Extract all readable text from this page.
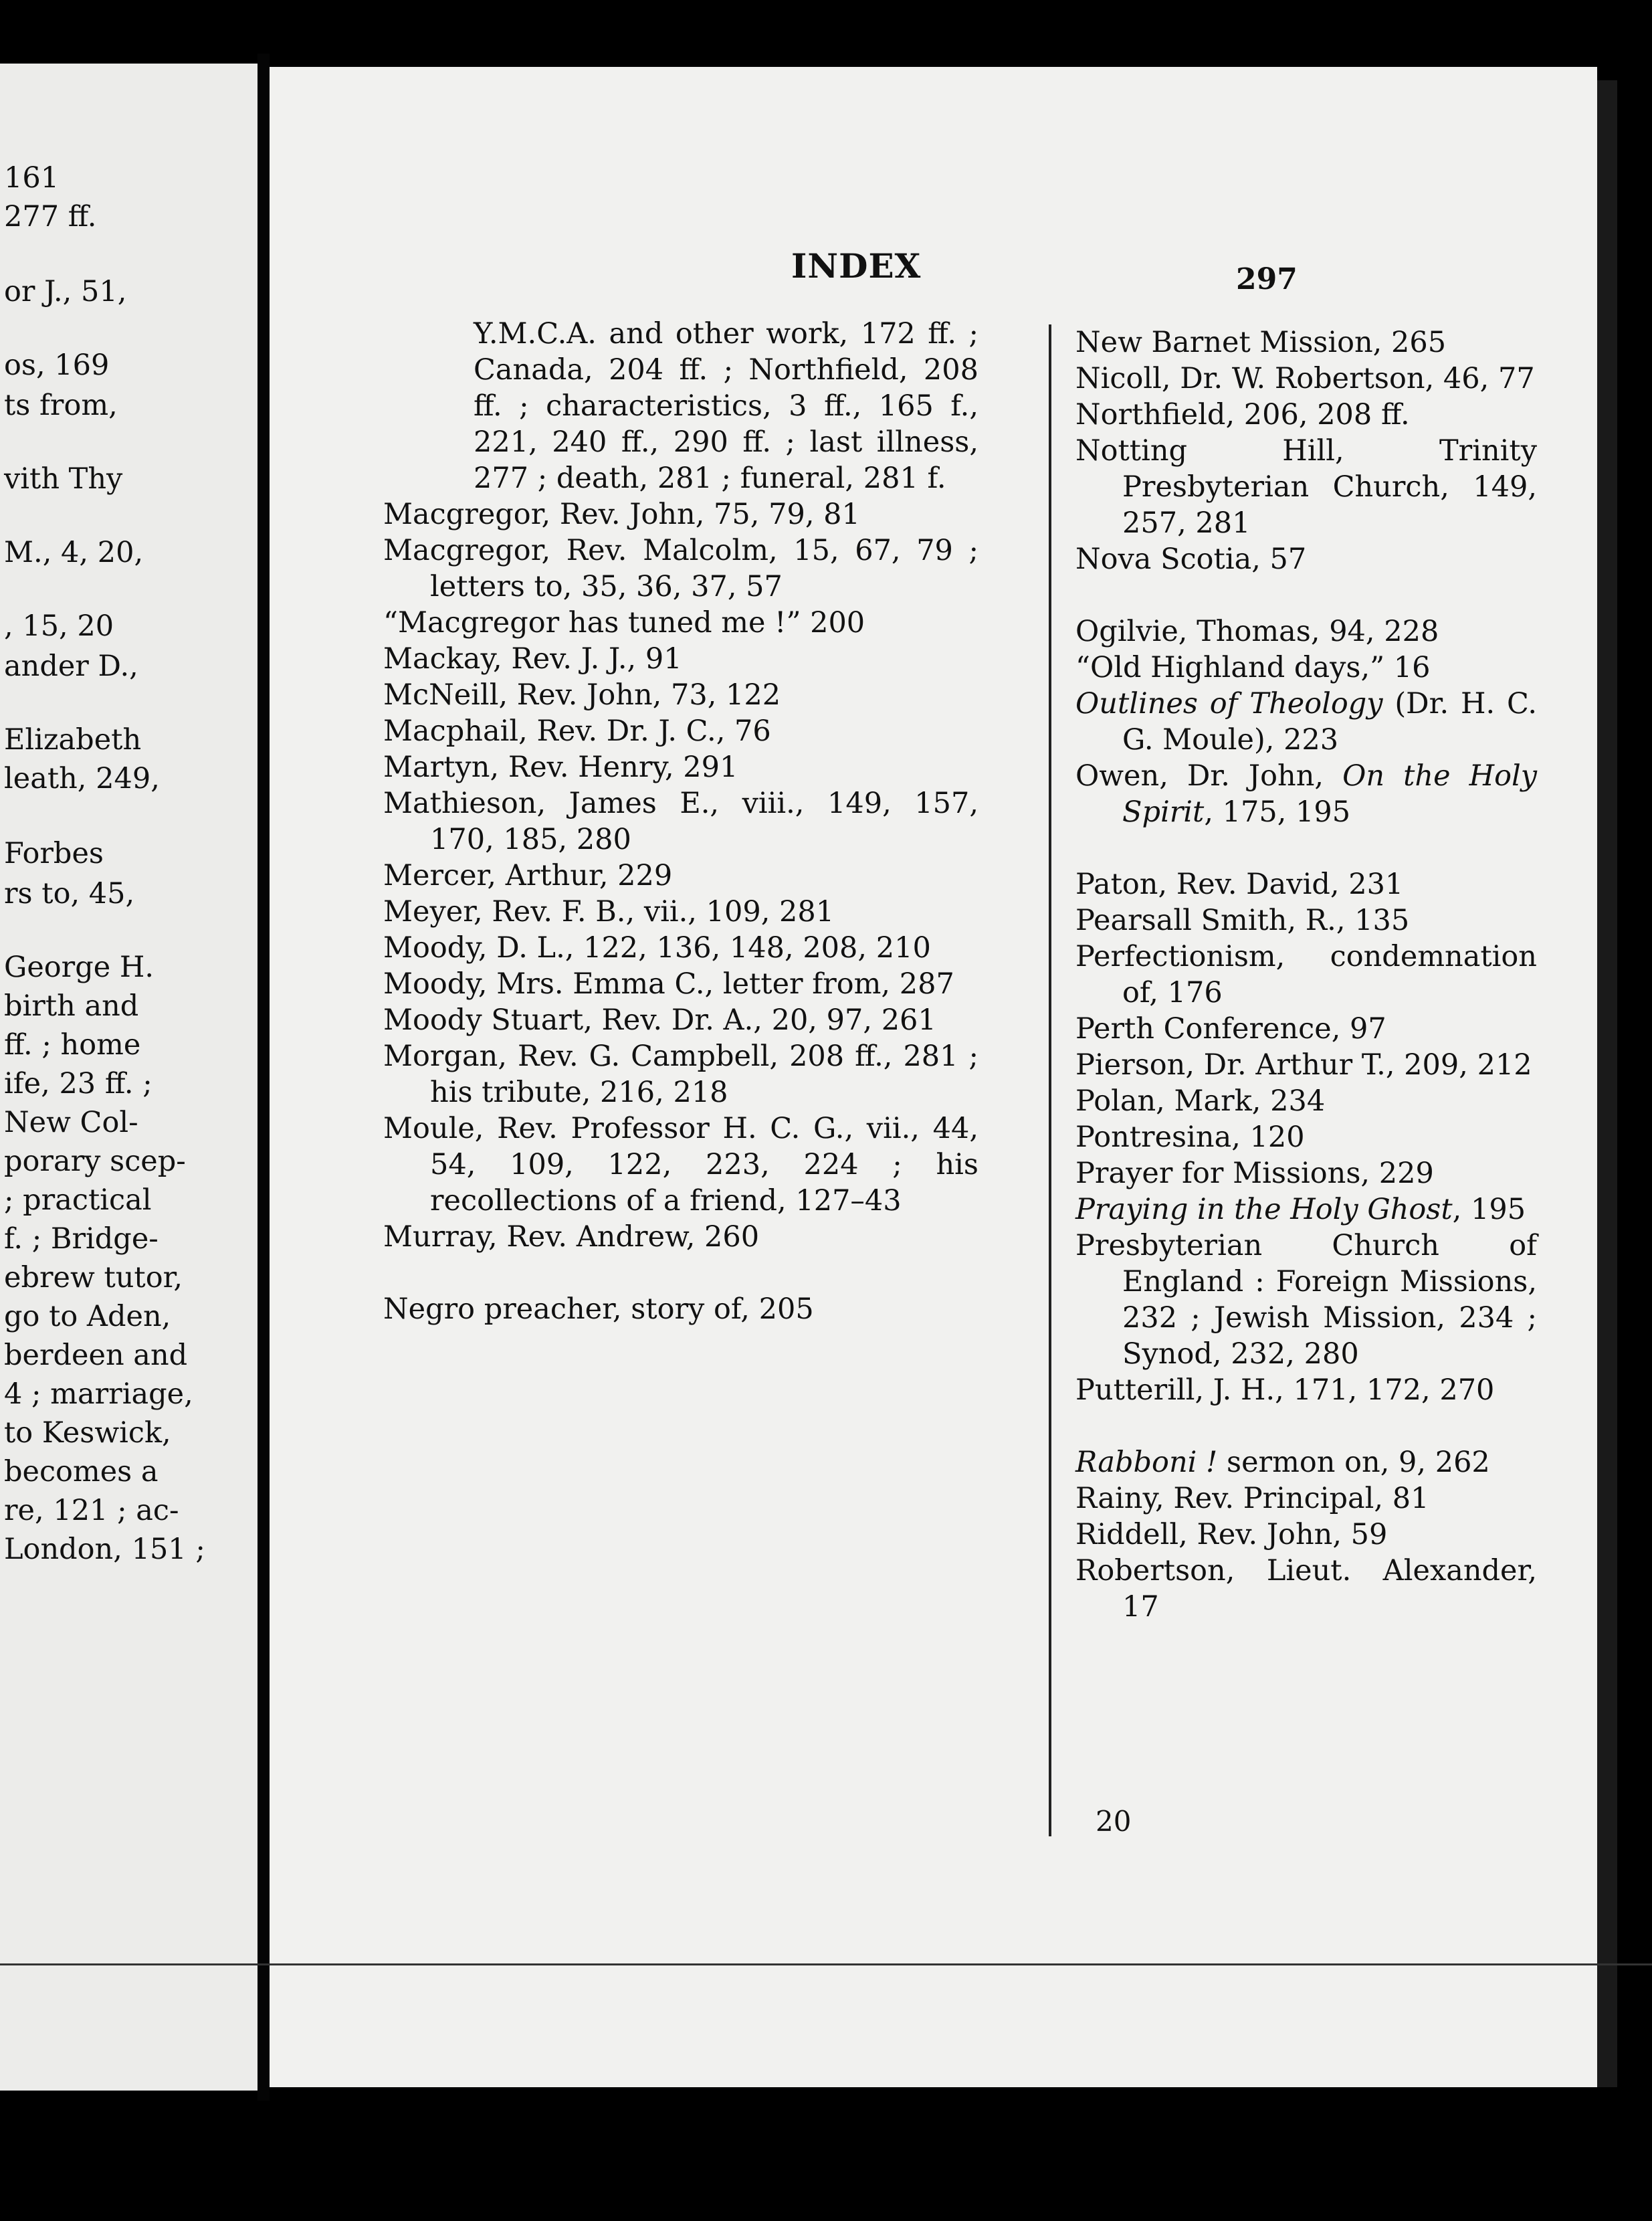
161
277 ff.
or J., 51,
os, 169
ts from,
vith Thy
M., 4, 20,
, 15, 20
ander D.,
Elizabeth
leath, 249,
Forbes
rs to, 45,
George H.
birth and
ff. ; home
ife, 23 ff. ;
New Col-
porary scep-
; practical
f. ; Bridge-
ebrew tutor,
go to Aden,
berdeen and
4 ; marriage,
to Keswick,
becomes a
re, 121 ; ac-
London, 151 ;
INDEX	297
Y.M.C.A. and other work, 172 ff. ; Canada, 204 ff. ; Northfield, 208 ff. ; characteristics, 3 ff., 165 f., 221, 240 ff., 290 ff. ; last illness, 277 ; death, 281 ; funeral, 281 f.
Macgregor, Rev. John, 75, 79, 81
Macgregor, Rev. Malcolm, 15, 67, 79 ; letters to, 35, 36, 37, 57
“Macgregor has tuned me !” 200
Mackay, Rev. J. J., 91
McNeill, Rev. John, 73, 122
Macphail, Rev. Dr. J. C., 76
Martyn, Rev. Henry, 291
Mathieson, James E., viii., 149, 157, 170, 185, 280
Mercer, Arthur, 229
Meyer, Rev. F. B., vii., 109, 281
Moody, D. L., 122, 136, 148, 208, 210
Moody, Mrs. Emma C., letter from, 287
Moody Stuart, Rev. Dr. A., 20, 97, 261
Morgan, Rev. G. Campbell, 208 ff., 281 ; his tribute, 216, 218
Moule, Rev. Professor H. C. G., vii., 44, 54, 109, 122, 223, 224 ; his recollections of a friend, 127–43
Murray, Rev. Andrew, 260
Negro preacher, story of, 205
New Barnet Mission, 265
Nicoll, Dr. W. Robertson, 46, 77
Northfield, 206, 208 ff.
Notting Hill, Trinity Presbyterian Church, 149, 257, 281
Nova Scotia, 57
Ogilvie, Thomas, 94, 228
“Old Highland days,” 16
Outlines of Theology (Dr. H. C. G. Moule), 223
Owen, Dr. John, On the Holy Spirit, 175, 195
Paton, Rev. David, 231
Pearsall Smith, R., 135
Perfectionism, condemnation of, 176
Perth Conference, 97
Pierson, Dr. Arthur T., 209, 212
Polan, Mark, 234
Pontresina, 120
Prayer for Missions, 229
Praying in the Holy Ghost, 195
Presbyterian Church of England : Foreign Missions, 232 ; Jewish Mission, 234 ; Synod, 232, 280
Putterill, J. H., 171, 172, 270
Rabboni ! sermon on, 9, 262
Rainy, Rev. Principal, 81
Riddell, Rev. John, 59
Robertson, Lieut. Alexander, 17
20
